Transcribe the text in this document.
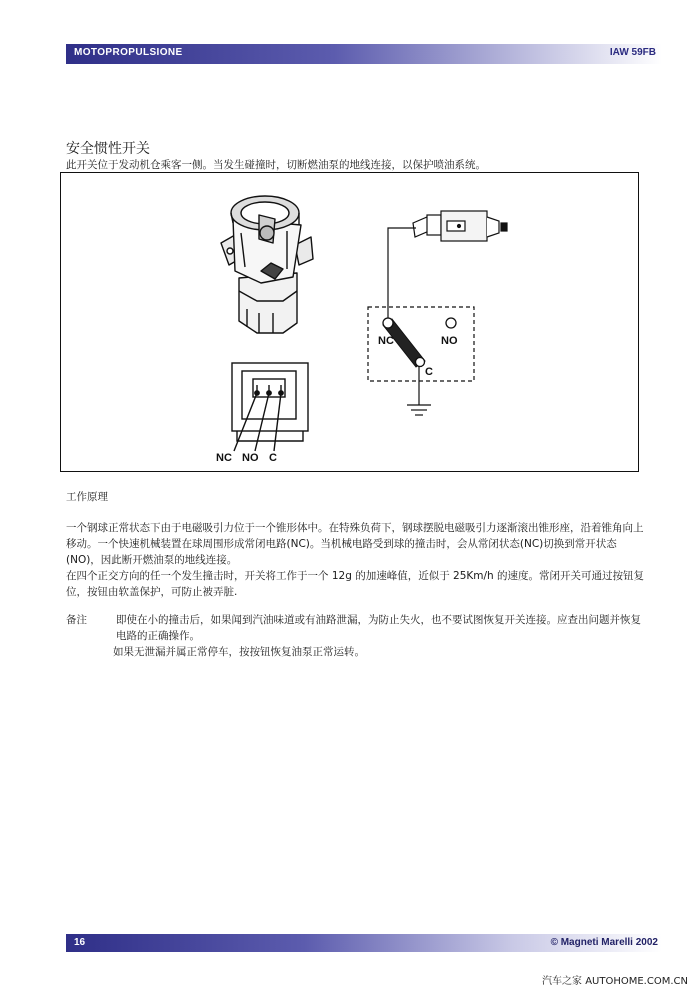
MOTOPROPULSIONE	IAW 59FB
安全惯性开关
此开关位于发动机仓乘客一侧。当发生碰撞时，切断燃油泵的地线连接，以保护喷油系统。
NC NO C
NC	NO
C
工作原理
一个钢球正常状态下由于电磁吸引力位于一个锥形体中。在特殊负荷下，钢球摆脱电磁吸引力逐渐滚出锥形座，沿着锥角向上移动。一个快速机械装置在球周围形成常闭电路(NC)。当机械电路受到球的撞击时，会从常闭状态(NC)切换到常开状态(NO)，因此断开燃油泵的地线连接。
在四个正交方向的任一个发生撞击时，开关将工作于一个 12g 的加速峰值，近似于 25Km/h 的速度。常闭开关可通过按钮复位，按钮由软盖保护，可防止被弄脏.
备注	即使在小的撞击后，如果闻到汽油味道或有油路泄漏，为防止失火，也不要试图恢复开关连接。应查出问题并恢复电路的正确操作。
如果无泄漏并属正常停车，按按钮恢复油泵正常运转。
16	© Magneti Marelli 2002
汽车之家 AUTOHOME.COM.CN
